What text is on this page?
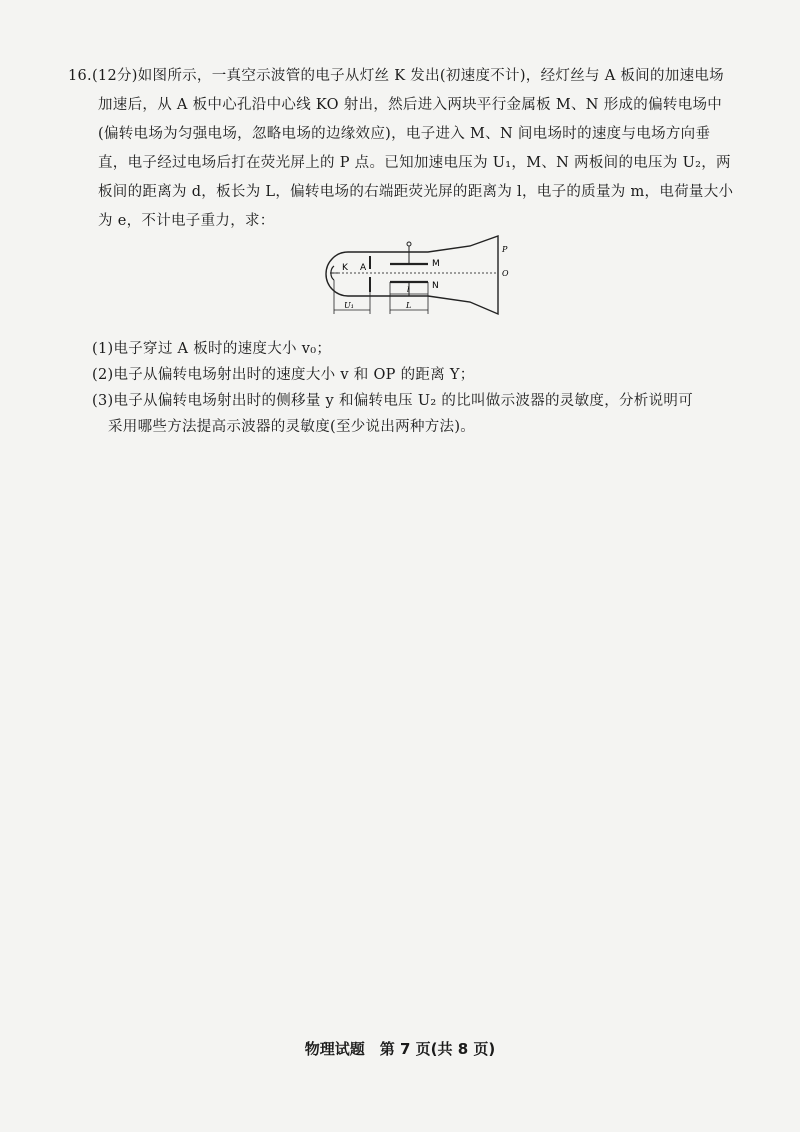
16.(12分)如图所示，一真空示波管的电子从灯丝 K 发出(初速度不计)，经灯丝与 A 板间的加速电场加速后，从 A 板中心孔沿中心线 KO 射出，然后进入两块平行金属板 M、N 形成的偏转电场中(偏转电场为匀强电场，忽略电场的边缘效应)，电子进入 M、N 间电场时的速度与电场方向垂直，电子经过电场后打在荧光屏上的 P 点。已知加速电压为 U₁，M、N 两板间的电压为 U₂，两板间的距离为 d，板长为 L，偏转电场的右端距荧光屏的距离为 l，电子的质量为 m，电荷量大小为 e，不计电子重力，求：

K A	M
N
P
O
U₁	L
l
(1)电子穿过 A 板时的速度大小 v₀；
(2)电子从偏转电场射出时的速度大小 v 和 OP 的距离 Y；
(3)电子从偏转电场射出时的侧移量 y 和偏转电压 U₂ 的比叫做示波器的灵敏度，分析说明可
采用哪些方法提高示波器的灵敏度(至少说出两种方法)。
物理试题　第 7 页(共 8 页)
